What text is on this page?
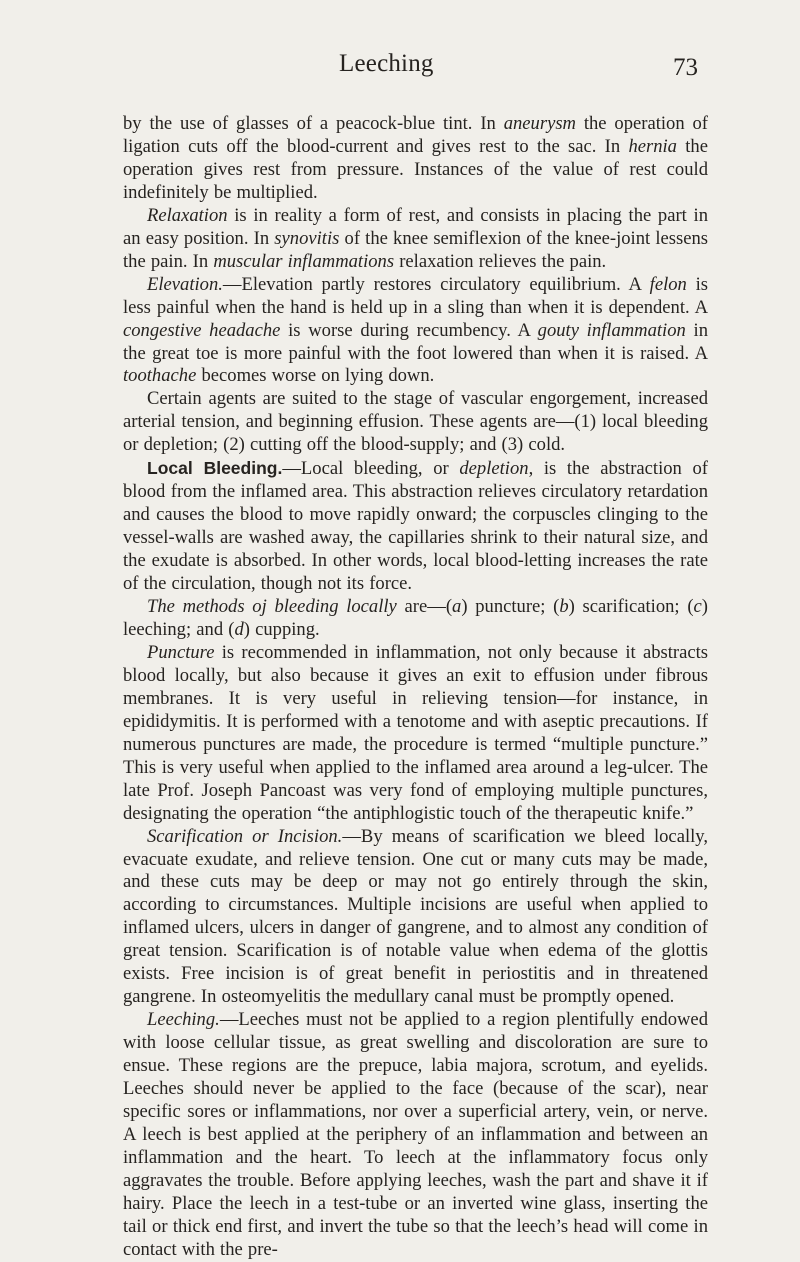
Leeching	73

by the use of glasses of a peacock-blue tint. In aneurysm the operation of ligation cuts off the blood-current and gives rest to the sac. In hernia the operation gives rest from pressure. Instances of the value of rest could indefinitely be multiplied.

Relaxation is in reality a form of rest, and consists in placing the part in an easy position. In synovitis of the knee semiflexion of the knee-joint lessens the pain. In muscular inflammations relaxation relieves the pain.

Elevation.—Elevation partly restores circulatory equilibrium. A felon is less painful when the hand is held up in a sling than when it is dependent. A congestive headache is worse during recumbency. A gouty inflammation in the great toe is more painful with the foot lowered than when it is raised. A toothache becomes worse on lying down.

Certain agents are suited to the stage of vascular engorgement, increased arterial tension, and beginning effusion. These agents are—(1) local bleeding or depletion; (2) cutting off the blood-supply; and (3) cold.

Local Bleeding.—Local bleeding, or depletion, is the abstraction of blood from the inflamed area. This abstraction relieves circulatory retardation and causes the blood to move rapidly onward; the corpuscles clinging to the vessel-walls are washed away, the capillaries shrink to their natural size, and the exudate is absorbed. In other words, local blood-letting increases the rate of the circulation, though not its force.

The methods oj bleeding locally are—(a) puncture; (b) scarification; (c) leeching; and (d) cupping.

Puncture is recommended in inflammation, not only because it abstracts blood locally, but also because it gives an exit to effusion under fibrous membranes. It is very useful in relieving tension—for instance, in epididymitis. It is performed with a tenotome and with aseptic precautions. If numerous punctures are made, the procedure is termed “multiple puncture.” This is very useful when applied to the inflamed area around a leg-ulcer. The late Prof. Joseph Pancoast was very fond of employing multiple punctures, designating the operation “the antiphlogistic touch of the therapeutic knife.”

Scarification or Incision.—By means of scarification we bleed locally, evacuate exudate, and relieve tension. One cut or many cuts may be made, and these cuts may be deep or may not go entirely through the skin, according to circumstances. Multiple incisions are useful when applied to inflamed ulcers, ulcers in danger of gangrene, and to almost any condition of great tension. Scarification is of notable value when edema of the glottis exists. Free incision is of great benefit in periostitis and in threatened gangrene. In osteomyelitis the medullary canal must be promptly opened.

Leeching.—Leeches must not be applied to a region plentifully endowed with loose cellular tissue, as great swelling and discoloration are sure to ensue. These regions are the prepuce, labia majora, scrotum, and eyelids. Leeches should never be applied to the face (because of the scar), near specific sores or inflammations, nor over a superficial artery, vein, or nerve. A leech is best applied at the periphery of an inflammation and between an inflammation and the heart. To leech at the inflammatory focus only aggravates the trouble. Before applying leeches, wash the part and shave it if hairy. Place the leech in a test-tube or an inverted wine glass, inserting the tail or thick end first, and invert the tube so that the leech’s head will come in contact with the pre-
